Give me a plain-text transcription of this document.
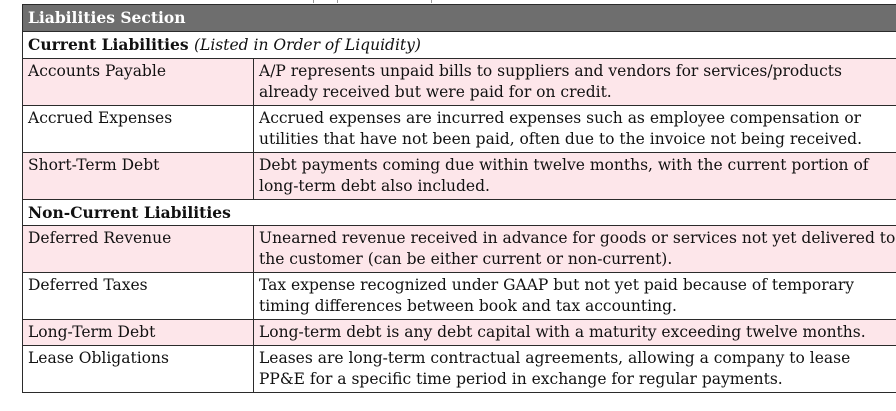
Liabilities Section	
Current Liabilities (Listed in Order of Liquidity)	
Accounts Payable	A/P represents unpaid bills to suppliers and vendors for services/products already received but were paid for on credit.
Accrued Expenses	Accrued expenses are incurred expenses such as employee compensation or utilities that have not been paid, often due to the invoice not being received.
Short-Term Debt	Debt payments coming due within twelve months, with the current portion of long-term debt also included.
Non-Current Liabilities	
Deferred Revenue	Unearned revenue received in advance for goods or services not yet delivered to the customer (can be either current or non-current).
Deferred Taxes	Tax expense recognized under GAAP but not yet paid because of temporary timing differences between book and tax accounting.
Long-Term Debt	Long-term debt is any debt capital with a maturity exceeding twelve months.
Lease Obligations	Leases are long-term contractual agreements, allowing a company to lease PP&E for a specific time period in exchange for regular payments.
